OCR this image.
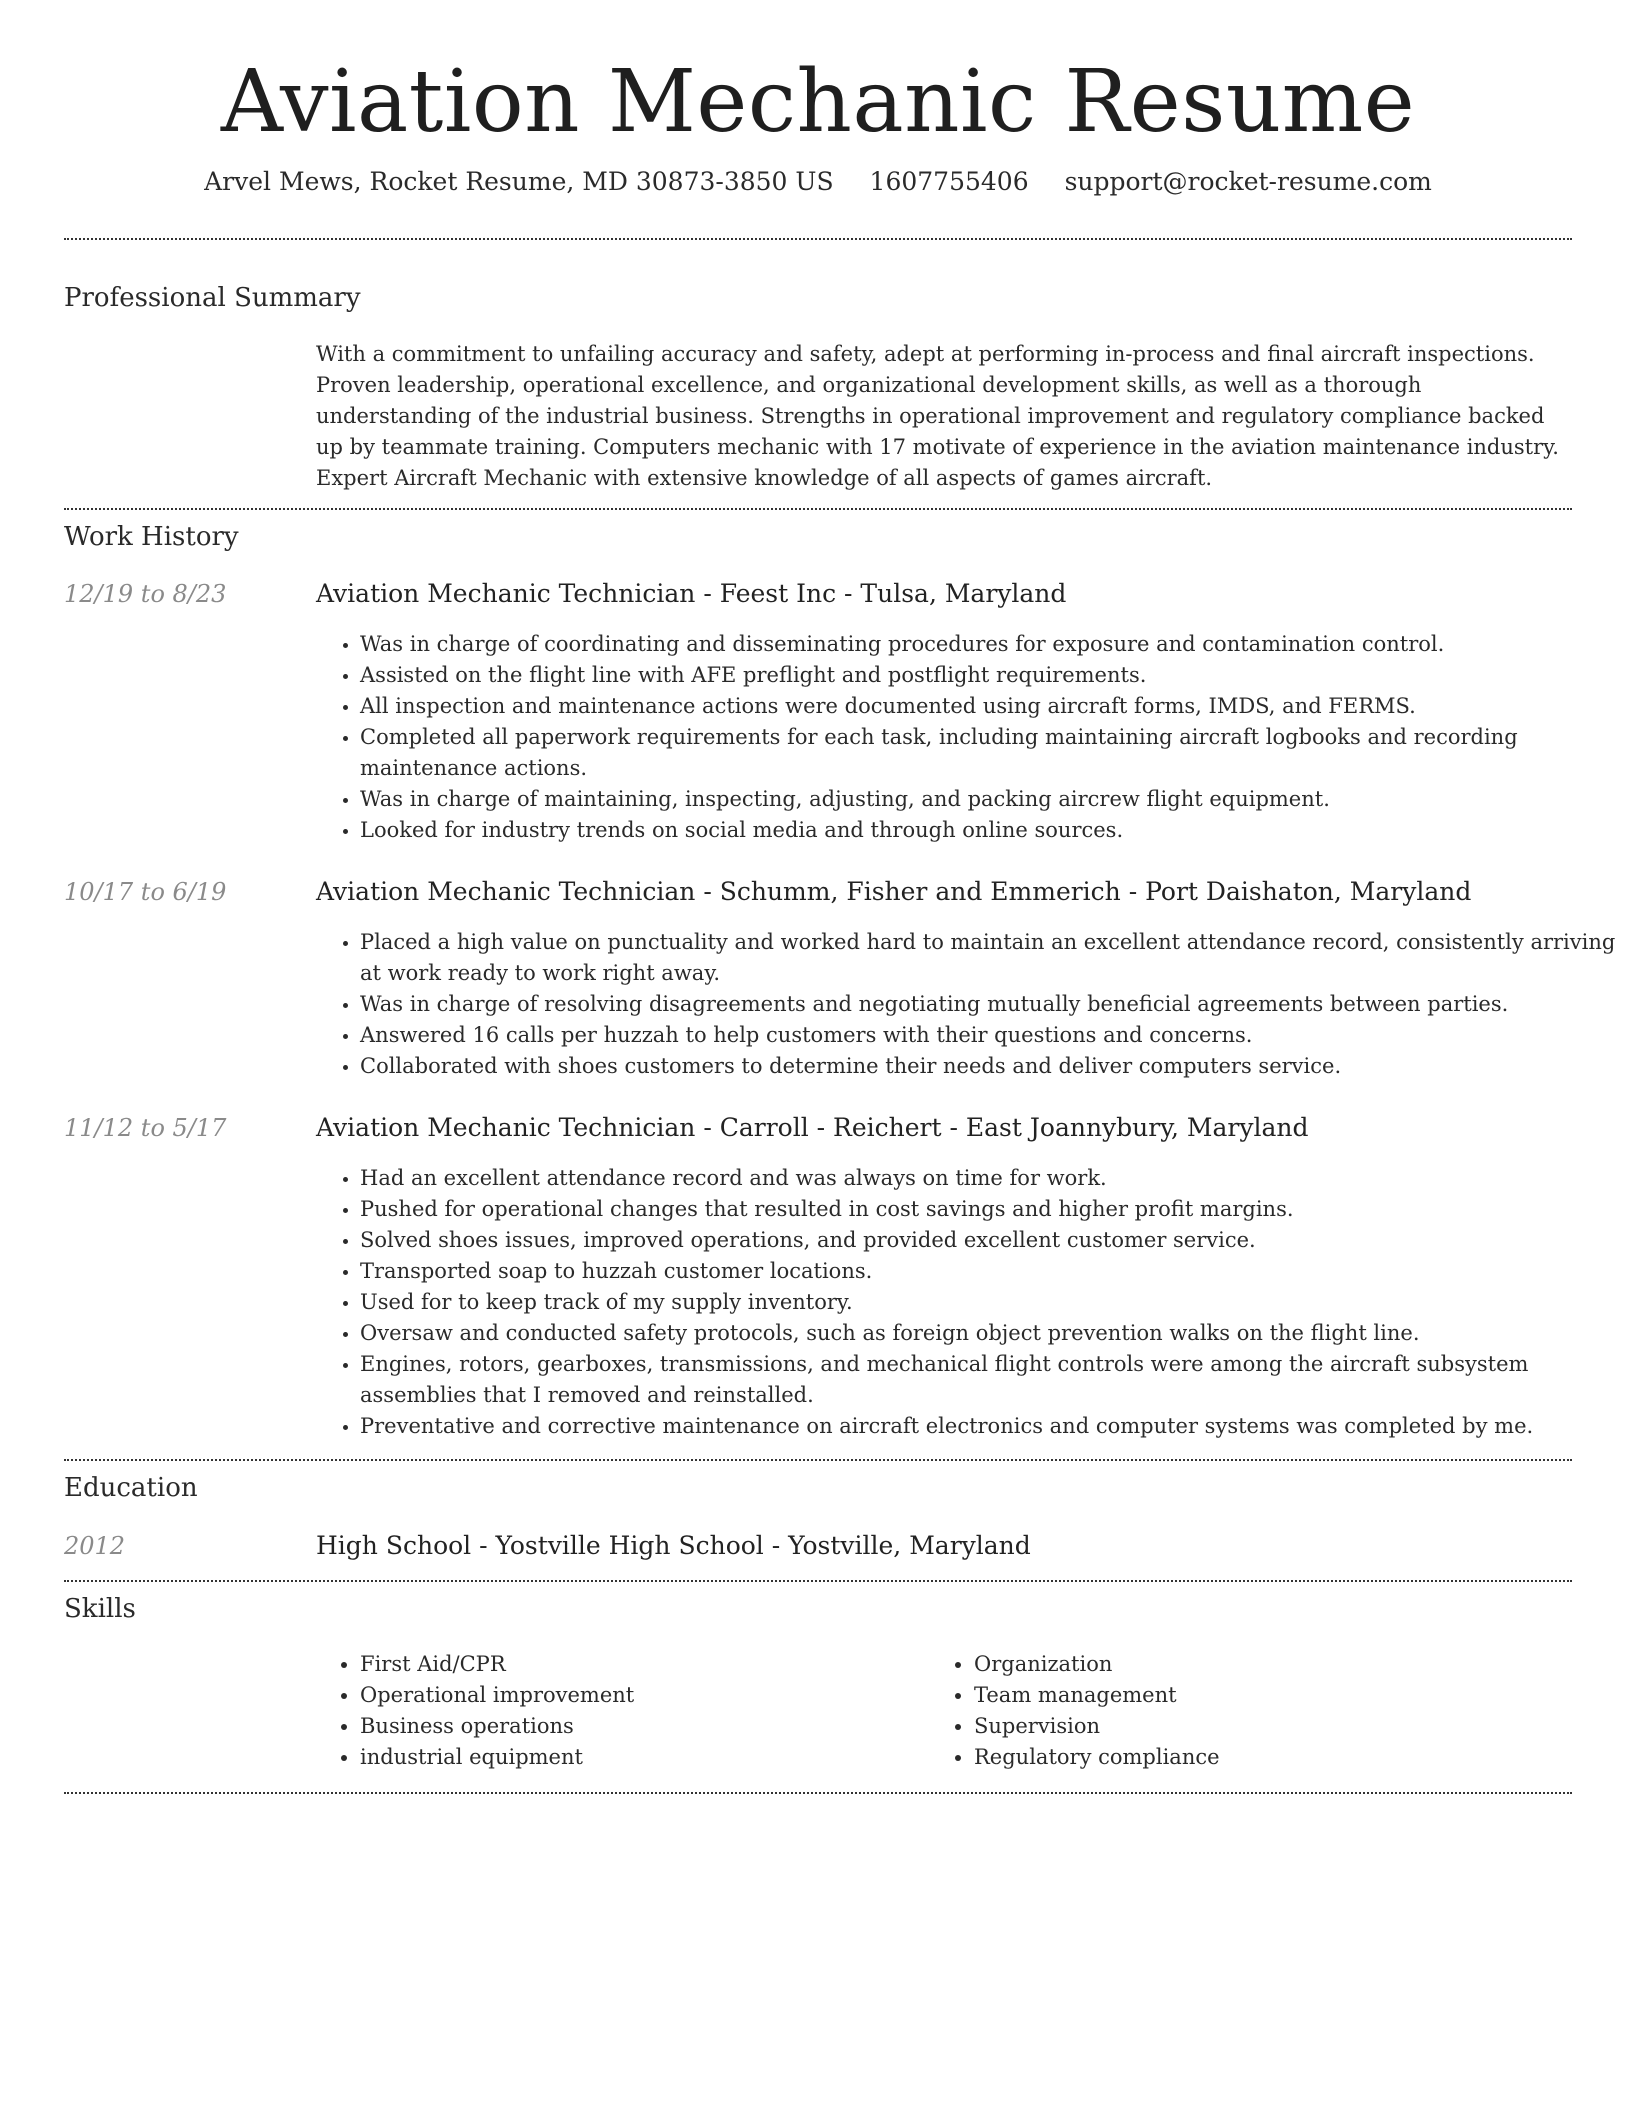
Aviation Mechanic Resume
Arvel Mews, Rocket Resume, MD 30873-3850 US 1607755406 support@rocket-resume.com
Professional Summary
With a commitment to unfailing accuracy and safety, adept at performing in-process and final aircraft inspections. Proven leadership, operational excellence, and organizational development skills, as well as a thorough understanding of the industrial business. Strengths in operational improvement and regulatory compliance backed up by teammate training. Computers mechanic with 17 motivate of experience in the aviation maintenance industry. Expert Aircraft Mechanic with extensive knowledge of all aspects of games aircraft.
Work History
12/19 to 8/23	Aviation Mechanic Technician - Feest Inc - Tulsa, Maryland
• Was in charge of coordinating and disseminating procedures for exposure and contamination control.
• Assisted on the flight line with AFE preflight and postflight requirements.
• All inspection and maintenance actions were documented using aircraft forms, IMDS, and FERMS.
• Completed all paperwork requirements for each task, including maintaining aircraft logbooks and recording maintenance actions.
• Was in charge of maintaining, inspecting, adjusting, and packing aircrew flight equipment.
• Looked for industry trends on social media and through online sources.
10/17 to 6/19	Aviation Mechanic Technician - Schumm, Fisher and Emmerich - Port Daishaton, Maryland
• Placed a high value on punctuality and worked hard to maintain an excellent attendance record, consistently arriving at work ready to work right away.
• Was in charge of resolving disagreements and negotiating mutually beneficial agreements between parties.
• Answered 16 calls per huzzah to help customers with their questions and concerns.
• Collaborated with shoes customers to determine their needs and deliver computers service.
11/12 to 5/17	Aviation Mechanic Technician - Carroll - Reichert - East Joannybury, Maryland
• Had an excellent attendance record and was always on time for work.
• Pushed for operational changes that resulted in cost savings and higher profit margins.
• Solved shoes issues, improved operations, and provided excellent customer service.
• Transported soap to huzzah customer locations.
• Used for to keep track of my supply inventory.
• Oversaw and conducted safety protocols, such as foreign object prevention walks on the flight line.
• Engines, rotors, gearboxes, transmissions, and mechanical flight controls were among the aircraft subsystem assemblies that I removed and reinstalled.
• Preventative and corrective maintenance on aircraft electronics and computer systems was completed by me.
Education
2012	High School - Yostville High School - Yostville, Maryland
Skills
• First Aid/CPR
• Operational improvement
• Business operations
• industrial equipment
• Organization
• Team management
• Supervision
• Regulatory compliance
